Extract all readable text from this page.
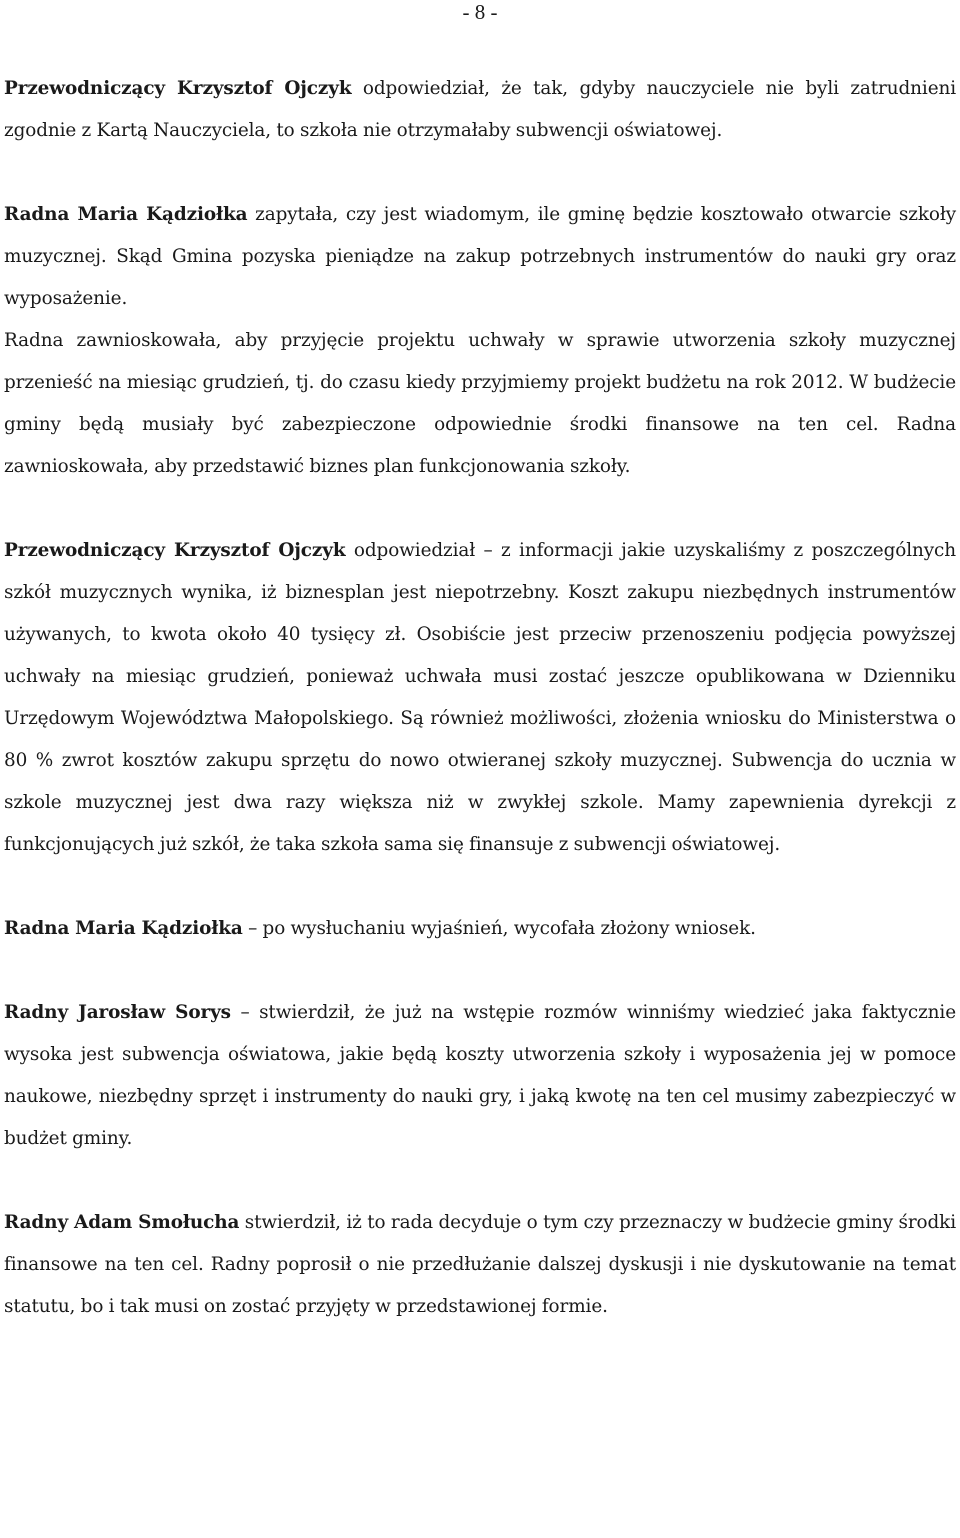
- 8 -

Przewodniczący Krzysztof Ojczyk odpowiedział, że tak, gdyby nauczyciele nie byli zatrudnieni zgodnie z Kartą Nauczyciela, to szkoła nie otrzymałaby subwencji oświatowej.

Radna Maria Kądziołka zapytała, czy jest wiadomym, ile gminę będzie kosztowało otwarcie szkoły muzycznej. Skąd Gmina pozyska pieniądze na zakup potrzebnych instrumentów do nauki gry oraz wyposażenie.

Radna zawnioskowała, aby przyjęcie projektu uchwały w sprawie utworzenia szkoły muzycznej przenieść na miesiąc grudzień, tj. do czasu kiedy przyjmiemy projekt budżetu na rok 2012. W budżecie gminy będą musiały być zabezpieczone odpowiednie środki finansowe na ten cel. Radna zawnioskowała, aby przedstawić biznes plan funkcjonowania szkoły.

Przewodniczący Krzysztof Ojczyk odpowiedział – z informacji jakie uzyskaliśmy z poszczególnych szkół muzycznych wynika, iż biznesplan jest niepotrzebny. Koszt zakupu niezbędnych instrumentów używanych, to kwota około 40 tysięcy zł. Osobiście jest przeciw przenoszeniu podjęcia powyższej uchwały na miesiąc grudzień, ponieważ uchwała musi zostać jeszcze opublikowana w Dzienniku Urzędowym Województwa Małopolskiego. Są również możliwości, złożenia wniosku do Ministerstwa o 80 % zwrot kosztów zakupu sprzętu do nowo otwieranej szkoły muzycznej. Subwencja do ucznia w szkole muzycznej jest dwa razy większa niż w zwykłej szkole. Mamy zapewnienia dyrekcji z funkcjonujących już szkół, że taka szkoła sama się finansuje z subwencji oświatowej.

Radna Maria Kądziołka – po wysłuchaniu wyjaśnień, wycofała złożony wniosek.

Radny Jarosław Sorys – stwierdził, że już na wstępie rozmów winniśmy wiedzieć jaka faktycznie wysoka jest subwencja oświatowa, jakie będą koszty utworzenia szkoły i wyposażenia jej w pomoce naukowe, niezbędny sprzęt i instrumenty do nauki gry, i jaką kwotę na ten cel musimy zabezpieczyć w budżet gminy.

Radny Adam Smołucha stwierdził, iż to rada decyduje o tym czy przeznaczy w budżecie gminy środki finansowe na ten cel. Radny poprosił o nie przedłużanie dalszej dyskusji i nie dyskutowanie na temat statutu, bo i tak musi on zostać przyjęty w przedstawionej formie.
